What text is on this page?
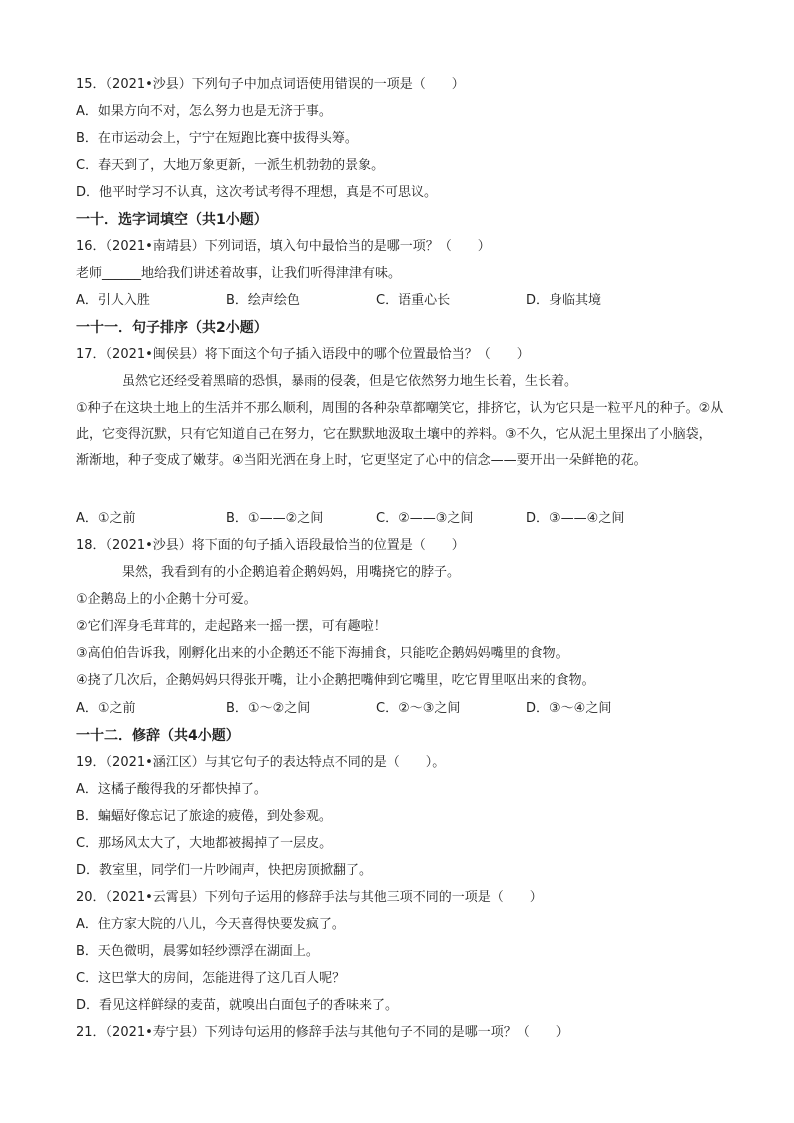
15．（2021•沙县）下列句子中加点词语使用错误的一项是（　　）
A．如果方向不对，怎么努力也是无济于事。
B．在市运动会上，宁宁在短跑比赛中拔得头筹。
C．春天到了，大地万象更新，一派生机勃勃的景象。
D．他平时学习不认真，这次考试考得不理想，真是不可思议。
一十．选字词填空（共1小题）
16．（2021•南靖县）下列词语，填入句中最恰当的是哪一项？（　　）
老师______地给我们讲述着故事，让我们听得津津有味。
A．引人入胜	B．绘声绘色	C．语重心长	D．身临其境
一十一．句子排序（共2小题）
17．（2021•闽侯县）将下面这个句子插入语段中的哪个位置最恰当？（　　）
虽然它还经受着黑暗的恐惧，暴雨的侵袭，但是它依然努力地生长着，生长着。
①种子在这块土地上的生活并不那么顺利，周围的各种杂草都嘲笑它，排挤它，认为它只是一粒平凡的种子。②从此，它变得沉默，只有它知道自己在努力，它在默默地汲取土壤中的养料。③不久，它从泥土里探出了小脑袋，渐渐地，种子变成了嫩芽。④当阳光洒在身上时，它更坚定了心中的信念——要开出一朵鲜艳的花。
A．①之前	B．①——②之间	C．②——③之间	D．③——④之间
18．（2021•沙县）将下面的句子插入语段最恰当的位置是（　　）
果然，我看到有的小企鹅追着企鹅妈妈，用嘴挠它的脖子。
①企鹅岛上的小企鹅十分可爱。
②它们浑身毛茸茸的，走起路来一摇一摆，可有趣啦！
③高伯伯告诉我，刚孵化出来的小企鹅还不能下海捕食，只能吃企鹅妈妈嘴里的食物。
④挠了几次后，企鹅妈妈只得张开嘴，让小企鹅把嘴伸到它嘴里，吃它胃里呕出来的食物。
A．①之前	B．①～②之间	C．②～③之间	D．③～④之间
一十二．修辞（共4小题）
19．（2021•涵江区）与其它句子的表达特点不同的是（　　）。
A．这橘子酸得我的牙都快掉了。
B．蝙蝠好像忘记了旅途的疲倦，到处参观。
C．那场风太大了，大地都被揭掉了一层皮。
D．教室里，同学们一片吵闹声，快把房顶掀翻了。
20．（2021•云霄县）下列句子运用的修辞手法与其他三项不同的一项是（　　）
A．住方家大院的八儿，今天喜得快要发疯了。
B．天色微明，晨雾如轻纱漂浮在湖面上。
C．这巴掌大的房间，怎能进得了这几百人呢？
D．看见这样鲜绿的麦苗，就嗅出白面包子的香味来了。
21．（2021•寿宁县）下列诗句运用的修辞手法与其他句子不同的是哪一项？（　　）
